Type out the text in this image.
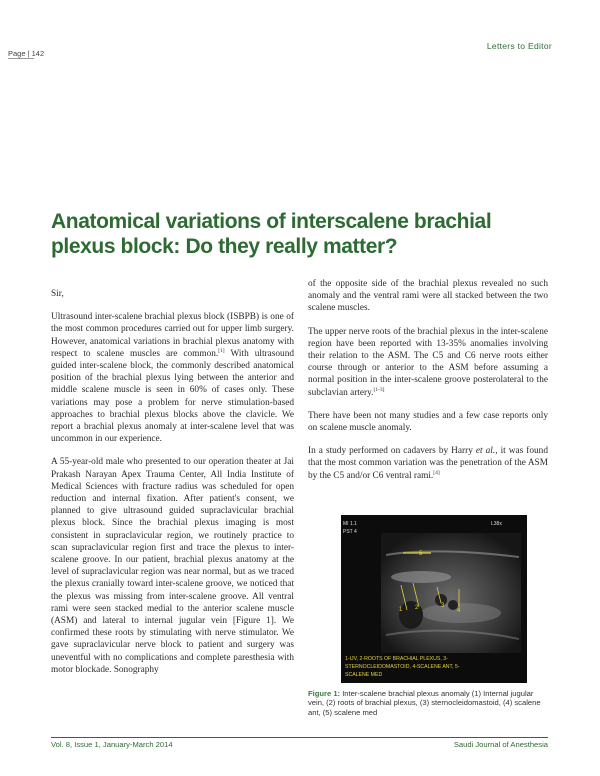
Letters to Editor
Page | 142
Anatomical variations of interscalene brachial plexus block: Do they really matter?

Sir,

Ultrasound inter-scalene brachial plexus block (ISBPB) is one of the most common procedures carried out for upper limb surgery. However, anatomical variations in brachial plexus anatomy with respect to scalene muscles are common.[1] With ultrasound guided inter-scalene block, the commonly described anatomical position of the brachial plexus lying between the anterior and middle scalene muscle is seen in 60% of cases only. These variations may pose a problem for nerve stimulation-based approaches to brachial plexus blocks above the clavicle. We report a brachial plexus anomaly at inter-scalene level that was uncommon in our experience.

A 55-year-old male who presented to our operation theater at Jai Prakash Narayan Apex Trauma Center, All India Institute of Medical Sciences with fracture radius was scheduled for open reduction and internal fixation. After patient's consent, we planned to give ultrasound guided supraclavicular brachial plexus block. Since the brachial plexus imaging is most consistent in supraclavicular region, we routinely practice to scan supraclavicular region first and trace the plexus to inter-scalene groove. In our patient, brachial plexus anatomy at the level of supraclavicular region was near normal, but as we traced the plexus cranially toward inter-scalene groove, we noticed that the plexus was missing from inter-scalene groove. All ventral rami were seen stacked medial to the anterior scalene muscle (ASM) and lateral to internal jugular vein [Figure 1]. We confirmed these roots by stimulating with nerve stimulator. We gave supraclavicular nerve block to patient and surgery was uneventful with no complications and complete paresthesia with motor blockade. Sonography

of the opposite side of the brachial plexus revealed no such anomaly and the ventral rami were all stacked between the two scalene muscles.

The upper nerve roots of the brachial plexus in the inter-scalene region have been reported with 13-35% anomalies involving their relation to the ASM. The C5 and C6 nerve roots either course through or anterior to the ASM before assuming a normal position in the inter-scalene groove posterolateral to the subclavian artery.[1-3]

There have been not many studies and a few case reports only on scalene muscle anomaly.

In a study performed on cadavers by Harry et al., it was found that the most common variation was the penetration of the ASM by the C5 and/or C6 ventral rami.[4]

MI 1.1
PST 4
L38x
1 2	3
4
5
1-IJV, 2-ROOTS OF BRACHIAL PLEXUS, 3-
STERNOCLEIDOMASTOID, 4-SCALENE ANT, 5-
SCALENE MED
Figure 1: Inter-scalene brachial plexus anomaly (1) Internal jugular vein, (2) roots of brachial plexus, (3) sternocleidomastoid, (4) scalene ant, (5) scalene med
Vol. 8, Issue 1, January-March 2014	Saudi Journal of Anesthesia
